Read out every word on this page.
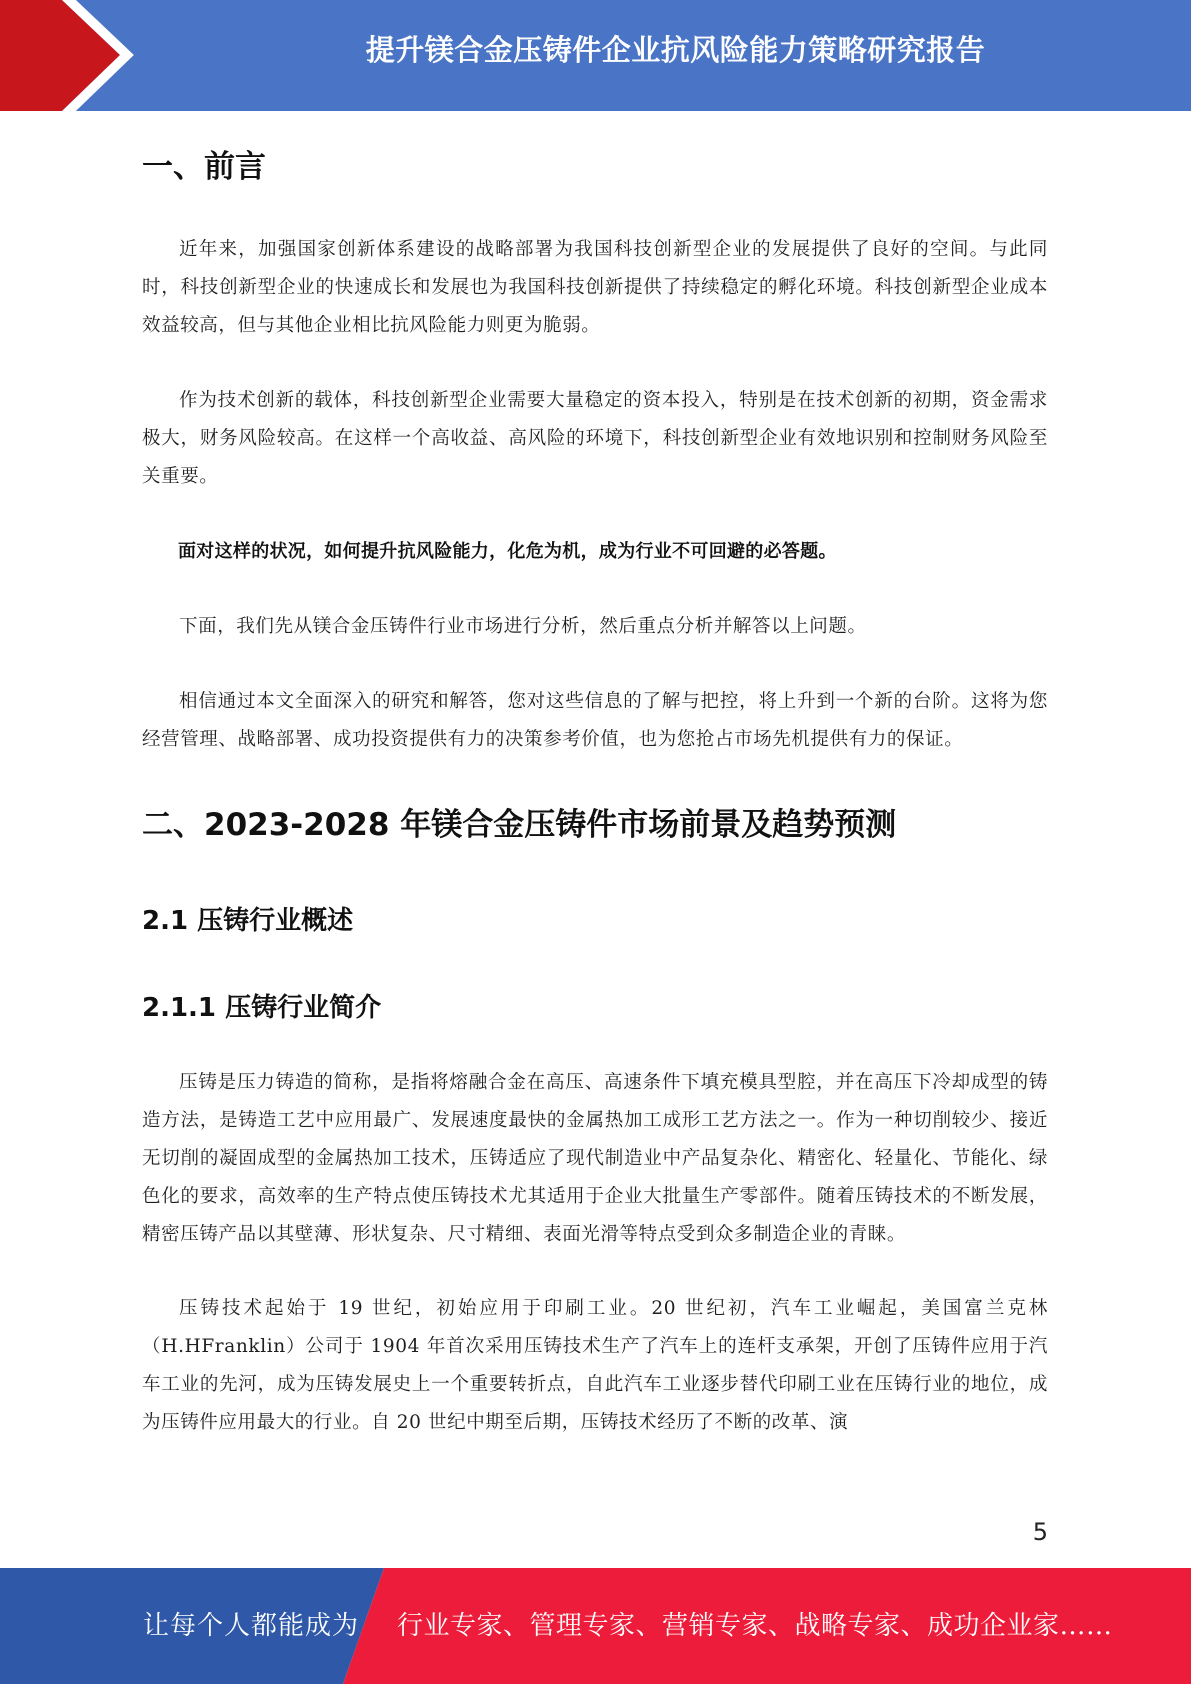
提升镁合金压铸件企业抗风险能力策略研究报告
一、前言

近年来，加强国家创新体系建设的战略部署为我国科技创新型企业的发展提供了良好的空间。与此同时，科技创新型企业的快速成长和发展也为我国科技创新提供了持续稳定的孵化环境。科技创新型企业成本效益较高，但与其他企业相比抗风险能力则更为脆弱。

作为技术创新的载体，科技创新型企业需要大量稳定的资本投入，特别是在技术创新的初期，资金需求极大，财务风险较高。在这样一个高收益、高风险的环境下，科技创新型企业有效地识别和控制财务风险至关重要。

面对这样的状况，如何提升抗风险能力，化危为机，成为行业不可回避的必答题。

下面，我们先从镁合金压铸件行业市场进行分析，然后重点分析并解答以上问题。

相信通过本文全面深入的研究和解答，您对这些信息的了解与把控，将上升到一个新的台阶。这将为您经营管理、战略部署、成功投资提供有力的决策参考价值，也为您抢占市场先机提供有力的保证。

二、2023-2028 年镁合金压铸件市场前景及趋势预测
2.1 压铸行业概述
2.1.1 压铸行业简介

压铸是压力铸造的简称，是指将熔融合金在高压、高速条件下填充模具型腔，并在高压下冷却成型的铸造方法，是铸造工艺中应用最广、发展速度最快的金属热加工成形工艺方法之一。作为一种切削较少、接近无切削的凝固成型的金属热加工技术，压铸适应了现代制造业中产品复杂化、精密化、轻量化、节能化、绿色化的要求，高效率的生产特点使压铸技术尤其适用于企业大批量生产零部件。随着压铸技术的不断发展，精密压铸产品以其壁薄、形状复杂、尺寸精细、表面光滑等特点受到众多制造企业的青睐。

压铸技术起始于 19 世纪，初始应用于印刷工业。20 世纪初，汽车工业崛起，美国富兰克林（H.HFranklin）公司于 1904 年首次采用压铸技术生产了汽车上的连杆支承架，开创了压铸件应用于汽车工业的先河，成为压铸发展史上一个重要转折点，自此汽车工业逐步替代印刷工业在压铸行业的地位，成为压铸件应用最大的行业。自 20 世纪中期至后期，压铸技术经历了不断的改革、演

5
让每个人都能成为 行业专家、管理专家、营销专家、战略专家、成功企业家……
